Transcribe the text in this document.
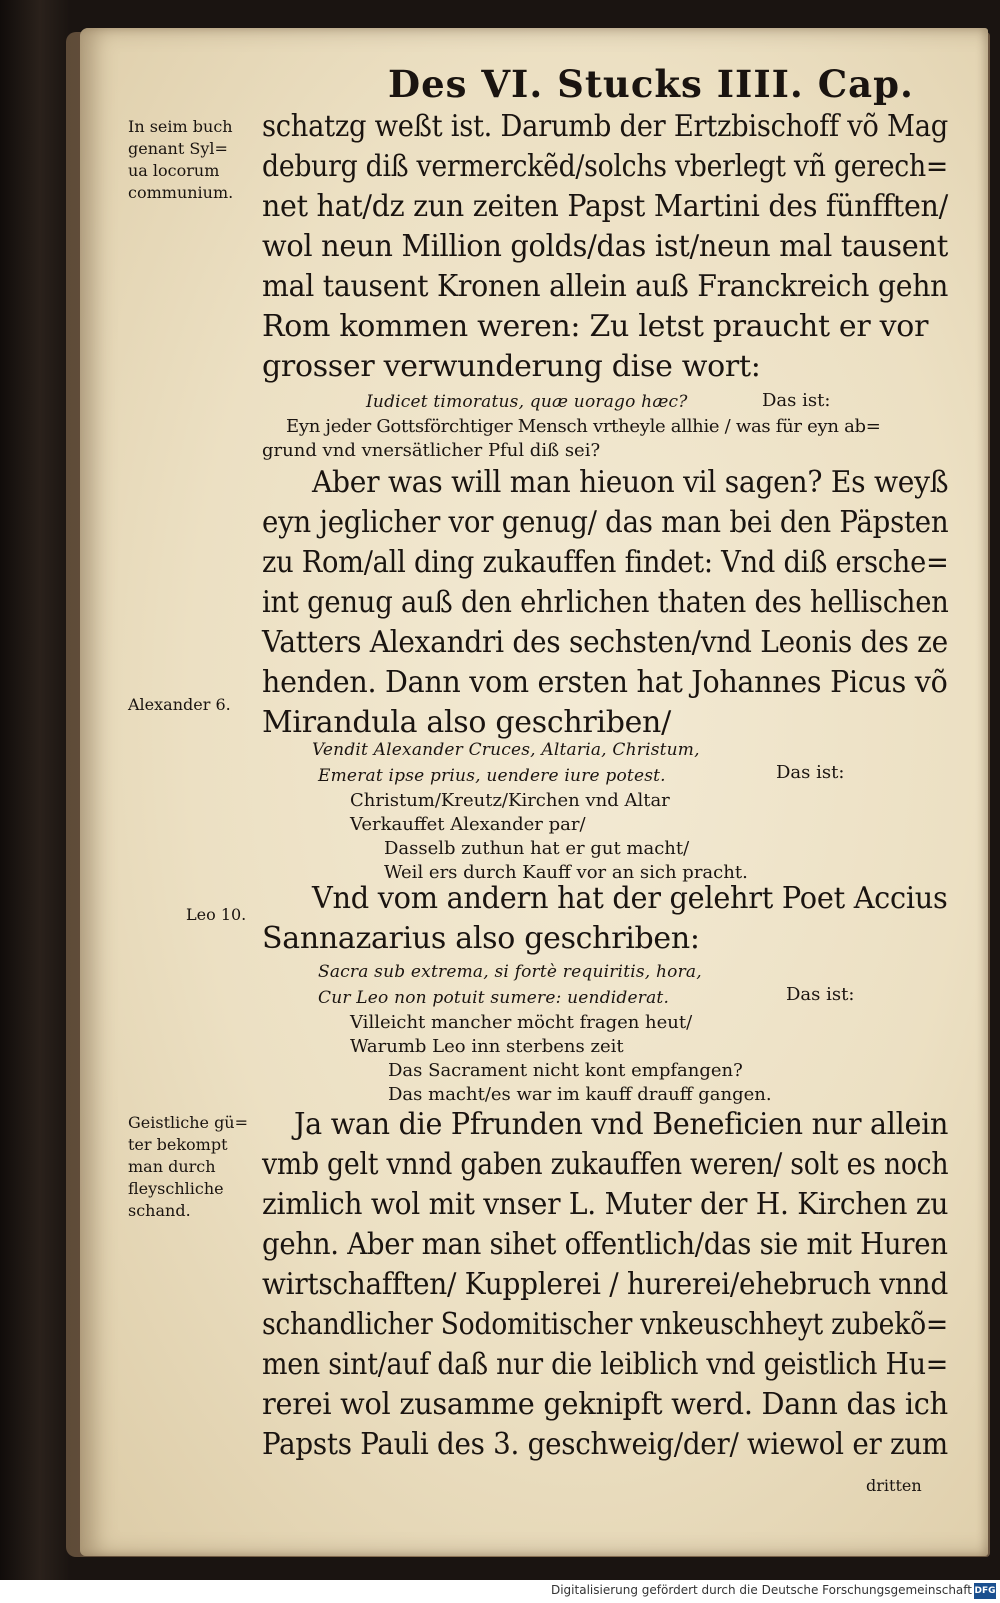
Des VI. Stucks IIII. Cap.
In seim buch
genant Syl=
ua locorum
communium.
schatzg weßt ist. Darumb der Ertzbischoff võ Mag
deburg diß vermerckẽd/solchs vberlegt vñ gerech=
net hat/dz zun zeiten Papst Martini des fünfften/
wol neun Million golds/das ist/neun mal tausent
mal tausent Kronen allein auß Franckreich gehn
Rom kommen weren: Zu letst praucht er vor
grosser verwunderung dise wort:
Iudicet timoratus, quæ uorago hæc?	Das ist:
Eyn jeder Gottsförchtiger Mensch vrtheyle allhie / was für eyn ab=
grund vnd vnersätlicher Pful diß sei?
Aber was will man hieuon vil sagen? Es weyß
eyn jeglicher vor genug/ das man bei den Päpsten
zu Rom/all ding zukauffen findet: Vnd diß ersche=
int genug auß den ehrlichen thaten des hellischen
Vatters Alexandri des sechsten/vnd Leonis des ze
henden. Dann vom ersten hat Johannes Picus võ
Mirandula also geschriben/
Alexander 6.
Vendit Alexander Cruces, Altaria, Christum,
Emerat ipse prius, uendere iure potest.	Das ist:
Christum/Kreutz/Kirchen vnd Altar
Verkauffet Alexander par/
Dasselb zuthun hat er gut macht/
Weil ers durch Kauff vor an sich pracht.
Vnd vom andern hat der gelehrt Poet Accius
Sannazarius also geschriben:
Leo 10.
Sacra sub extrema, si fortè requiritis, hora,
Cur Leo non potuit sumere: uendiderat.	Das ist:
Villeicht mancher möcht fragen heut/
Warumb Leo inn sterbens zeit
Das Sacrament nicht kont empfangen?
Das macht/es war im kauff drauff gangen.
Geistliche gü=
ter bekompt
man durch
fleyschliche
schand.
Ja wan die Pfrunden vnd Beneficien nur allein
vmb gelt vnnd gaben zukauffen weren/ solt es noch
zimlich wol mit vnser L. Muter der H. Kirchen zu
gehn. Aber man sihet offentlich/das sie mit Huren
wirtschafften/ Kupplerei / hurerei/ehebruch vnnd
schandlicher Sodomitischer vnkeuschheyt zubekõ=
men sint/auf daß nur die leiblich vnd geistlich Hu=
rerei wol zusamme geknipft werd. Dann das ich
Papsts Pauli des 3. geschweig/der/ wiewol er zum
dritten
Digitalisierung gefördert durch die Deutsche Forschungsgemeinschaft DFG
